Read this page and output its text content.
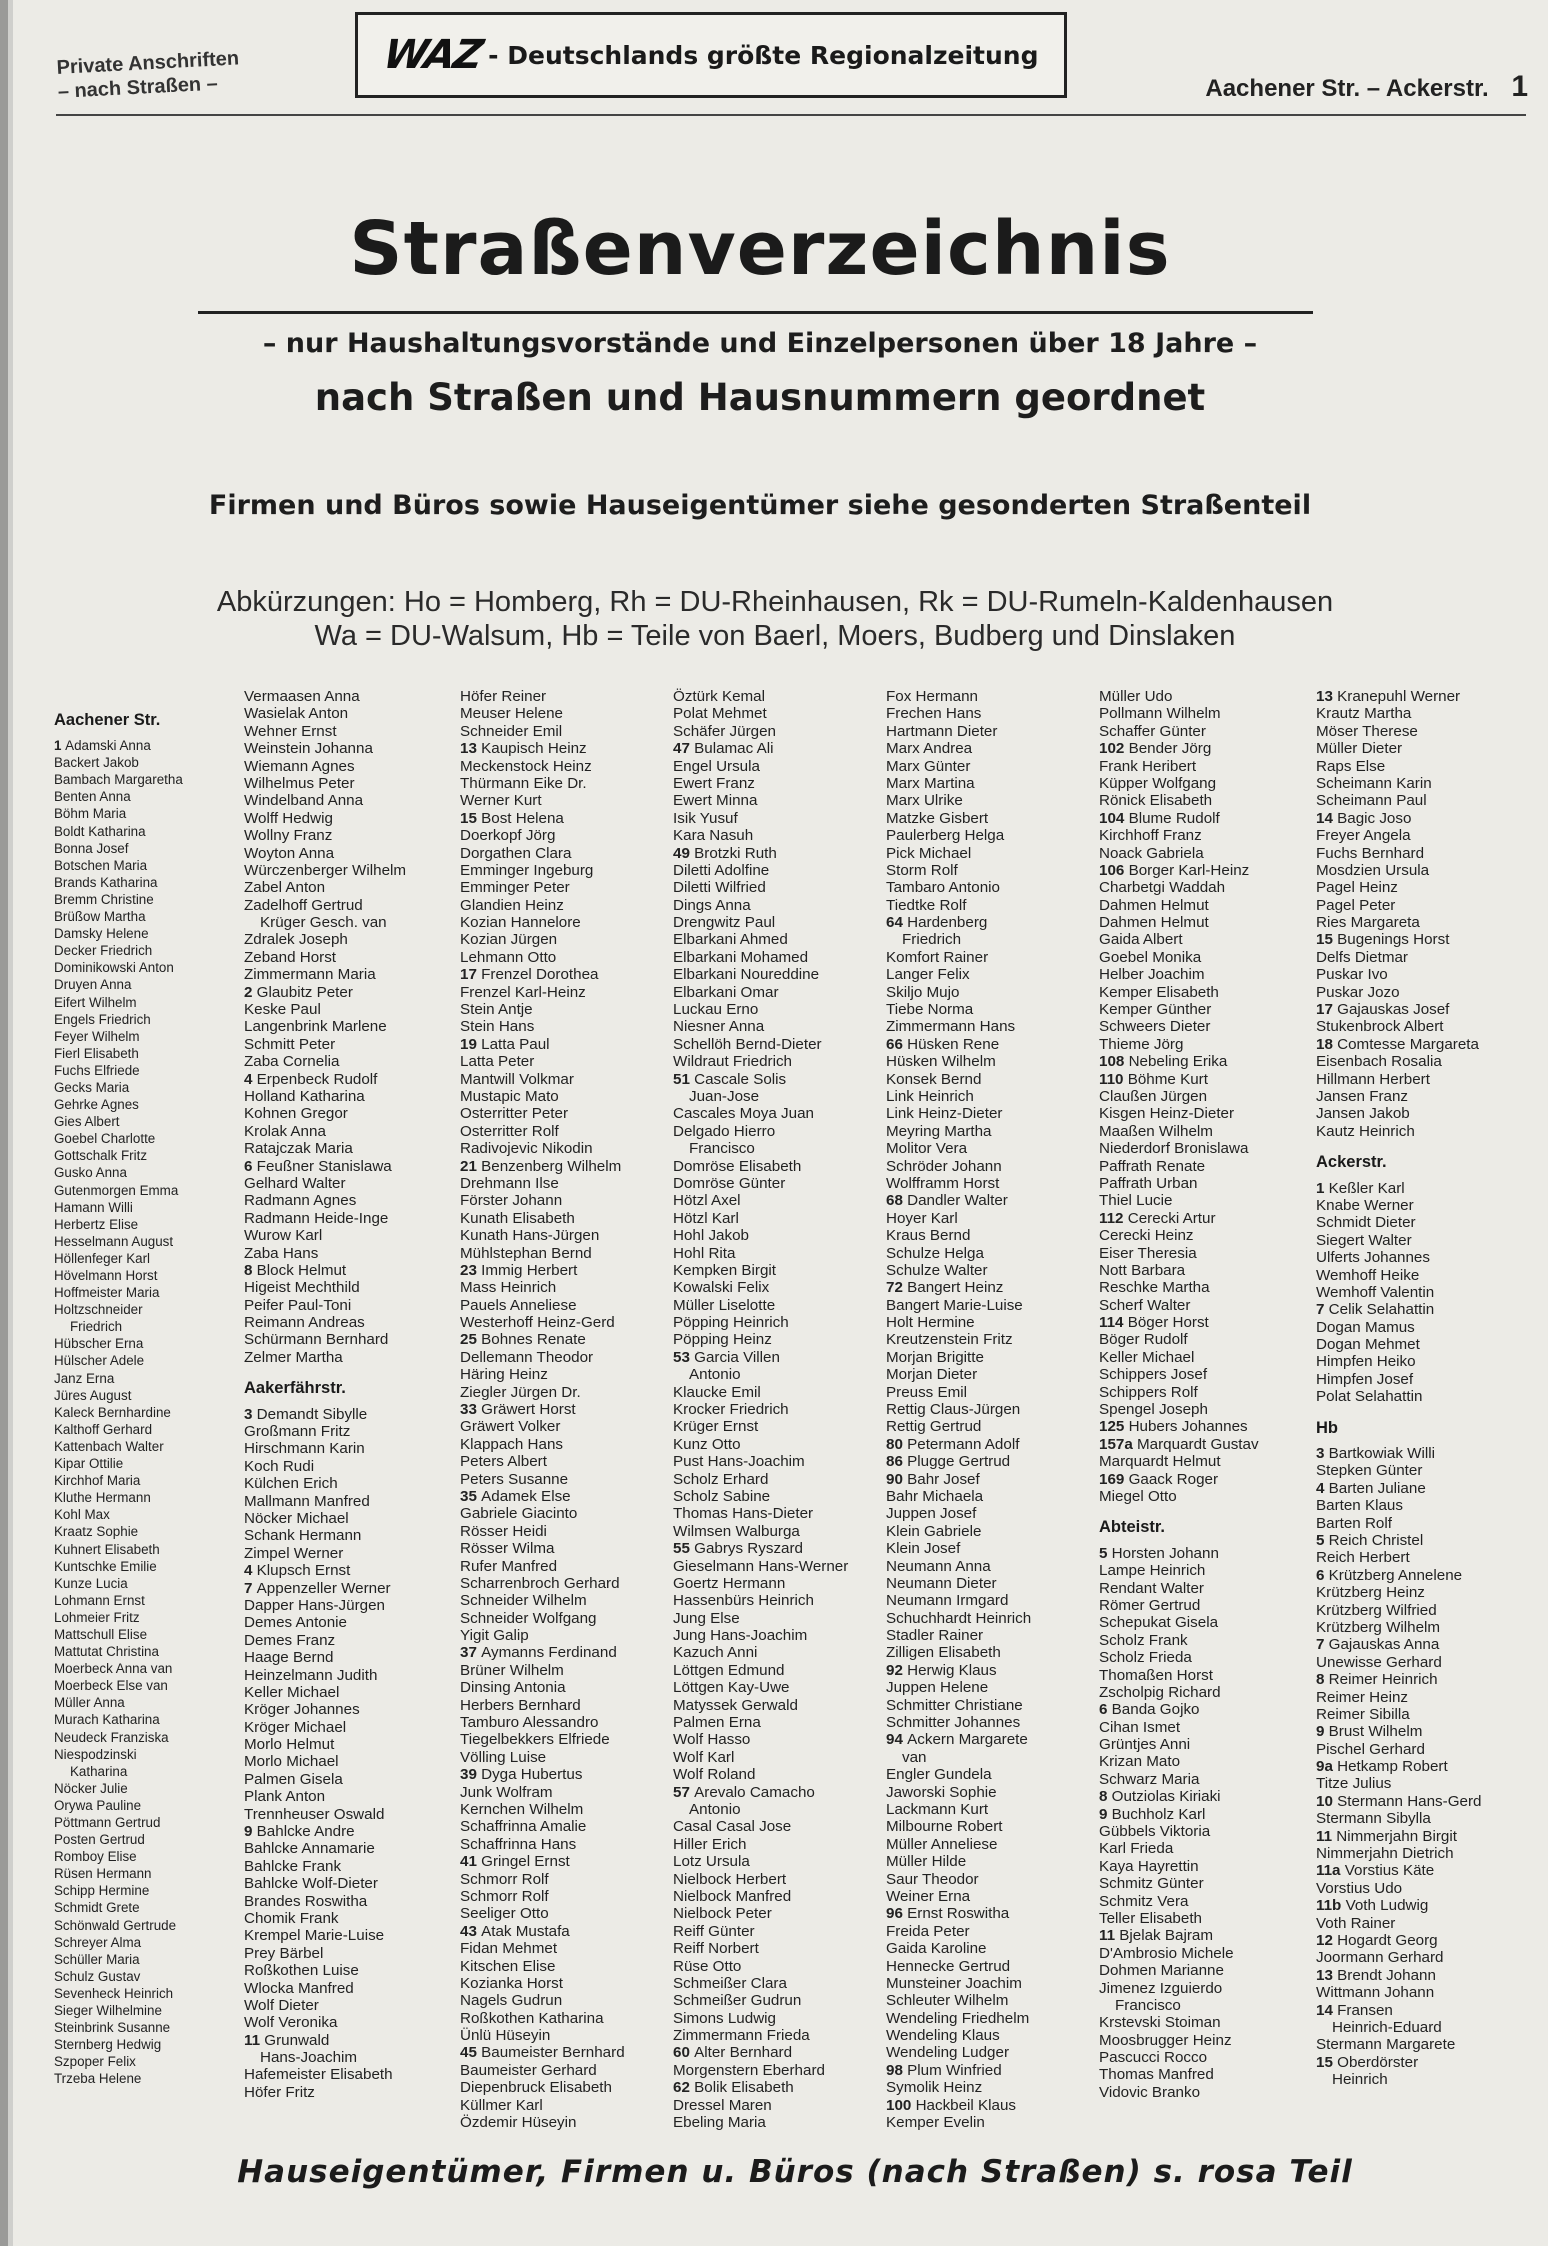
Private Anschriften
– nach Straßen –
WAZ - Deutschlands größte Regionalzeitung
Aachener Str. – Ackerstr. 1
Straßenverzeichnis
– nur Haushaltungsvorstände und Einzelpersonen über 18 Jahre –
nach Straßen und Hausnummern geordnet
Firmen und Büros sowie Hauseigentümer siehe gesonderten Straßenteil
Abkürzungen: Ho = Homberg, Rh = DU-Rheinhausen, Rk = DU-Rumeln-Kaldenhausen
Wa = DU-Walsum, Hb = Teile von Baerl, Moers, Budberg und Dinslaken
Aachener Str.
1 Adamski Anna
Backert Jakob
Bambach Margaretha
Benten Anna
Böhm Maria
Boldt Katharina
Bonna Josef
Botschen Maria
Brands Katharina
Bremm Christine
Brüßow Martha
Damsky Helene
Decker Friedrich
Dominikowski Anton
Druyen Anna
Eifert Wilhelm
Engels Friedrich
Feyer Wilhelm
Fierl Elisabeth
Fuchs Elfriede
Gecks Maria
Gehrke Agnes
Gies Albert
Goebel Charlotte
Gottschalk Fritz
Gusko Anna
Gutenmorgen Emma
Hamann Willi
Herbertz Elise
Hesselmann August
Höllenfeger Karl
Hövelmann Horst
Hoffmeister Maria
Holtzschneider
Friedrich
Hübscher Erna
Hülscher Adele
Janz Erna
Jüres August
Kaleck Bernhardine
Kalthoff Gerhard
Kattenbach Walter
Kipar Ottilie
Kirchhof Maria
Kluthe Hermann
Kohl Max
Kraatz Sophie
Kuhnert Elisabeth
Kuntschke Emilie
Kunze Lucia
Lohmann Ernst
Lohmeier Fritz
Mattschull Elise
Mattutat Christina
Moerbeck Anna van
Moerbeck Else van
Müller Anna
Murach Katharina
Neudeck Franziska
Niespodzinski
Katharina
Nöcker Julie
Orywa Pauline
Pöttmann Gertrud
Posten Gertrud
Romboy Elise
Rüsen Hermann
Schipp Hermine
Schmidt Grete
Schönwald Gertrude
Schreyer Alma
Schüller Maria
Schulz Gustav
Sevenheck Heinrich
Sieger Wilhelmine
Steinbrink Susanne
Sternberg Hedwig
Szpoper Felix
Trzeba Helene
Vermaasen Anna
Wasielak Anton
Wehner Ernst
Weinstein Johanna
Wiemann Agnes
Wilhelmus Peter
Windelband Anna
Wolff Hedwig
Wollny Franz
Woyton Anna
Würczenberger Wilhelm
Zabel Anton
Zadelhoff Gertrud
Krüger Gesch. van
Zdralek Joseph
Zeband Horst
Zimmermann Maria
2 Glaubitz Peter
Keske Paul
Langenbrink Marlene
Schmitt Peter
Zaba Cornelia
4 Erpenbeck Rudolf
Holland Katharina
Kohnen Gregor
Krolak Anna
Ratajczak Maria
6 Feußner Stanislawa
Gelhard Walter
Radmann Agnes
Radmann Heide-Inge
Wurow Karl
Zaba Hans
8 Block Helmut
Higeist Mechthild
Peifer Paul-Toni
Reimann Andreas
Schürmann Bernhard
Zelmer Martha
Aakerfährstr.
3 Demandt Sibylle
Großmann Fritz
Hirschmann Karin
Koch Rudi
Külchen Erich
Mallmann Manfred
Nöcker Michael
Schank Hermann
Zimpel Werner
4 Klupsch Ernst
7 Appenzeller Werner
Dapper Hans-Jürgen
Demes Antonie
Demes Franz
Haage Bernd
Heinzelmann Judith
Keller Michael
Kröger Johannes
Kröger Michael
Morlo Helmut
Morlo Michael
Palmen Gisela
Plank Anton
Trennheuser Oswald
9 Bahlcke Andre
Bahlcke Annamarie
Bahlcke Frank
Bahlcke Wolf-Dieter
Brandes Roswitha
Chomik Frank
Krempel Marie-Luise
Prey Bärbel
Roßkothen Luise
Wlocka Manfred
Wolf Dieter
Wolf Veronika
11 Grunwald
Hans-Joachim
Hafemeister Elisabeth
Höfer Fritz
Höfer Reiner
Meuser Helene
Schneider Emil
13 Kaupisch Heinz
Meckenstock Heinz
Thürmann Eike Dr.
Werner Kurt
15 Bost Helena
Doerkopf Jörg
Dorgathen Clara
Emminger Ingeburg
Emminger Peter
Glandien Heinz
Kozian Hannelore
Kozian Jürgen
Lehmann Otto
17 Frenzel Dorothea
Frenzel Karl-Heinz
Stein Antje
Stein Hans
19 Latta Paul
Latta Peter
Mantwill Volkmar
Mustapic Mato
Osterritter Peter
Osterritter Rolf
Radivojevic Nikodin
21 Benzenberg Wilhelm
Drehmann Ilse
Förster Johann
Kunath Elisabeth
Kunath Hans-Jürgen
Mühlstephan Bernd
23 Immig Herbert
Mass Heinrich
Pauels Anneliese
Westerhoff Heinz-Gerd
25 Bohnes Renate
Dellemann Theodor
Häring Heinz
Ziegler Jürgen Dr.
33 Gräwert Horst
Gräwert Volker
Klappach Hans
Peters Albert
Peters Susanne
35 Adamek Else
Gabriele Giacinto
Rösser Heidi
Rösser Wilma
Rufer Manfred
Scharrenbroch Gerhard
Schneider Wilhelm
Schneider Wolfgang
Yigit Galip
37 Aymanns Ferdinand
Brüner Wilhelm
Dinsing Antonia
Herbers Bernhard
Tamburo Alessandro
Tiegelbekkers Elfriede
Völling Luise
39 Dyga Hubertus
Junk Wolfram
Kernchen Wilhelm
Schaffrinna Amalie
Schaffrinna Hans
41 Gringel Ernst
Schmorr Rolf
Schmorr Rolf
Seeliger Otto
43 Atak Mustafa
Fidan Mehmet
Kitschen Elise
Kozianka Horst
Nagels Gudrun
Roßkothen Katharina
Ünlü Hüseyin
45 Baumeister Bernhard
Baumeister Gerhard
Diepenbruck Elisabeth
Küllmer Karl
Özdemir Hüseyin
Öztürk Kemal
Polat Mehmet
Schäfer Jürgen
47 Bulamac Ali
Engel Ursula
Ewert Franz
Ewert Minna
Isik Yusuf
Kara Nasuh
49 Brotzki Ruth
Diletti Adolfine
Diletti Wilfried
Dings Anna
Drengwitz Paul
Elbarkani Ahmed
Elbarkani Mohamed
Elbarkani Noureddine
Elbarkani Omar
Luckau Erno
Niesner Anna
Schellöh Bernd-Dieter
Wildraut Friedrich
51 Cascale Solis
Juan-Jose
Cascales Moya Juan
Delgado Hierro
Francisco
Domröse Elisabeth
Domröse Günter
Hötzl Axel
Hötzl Karl
Hohl Jakob
Hohl Rita
Kempken Birgit
Kowalski Felix
Müller Liselotte
Pöpping Heinrich
Pöpping Heinz
53 Garcia Villen
Antonio
Klaucke Emil
Krocker Friedrich
Krüger Ernst
Kunz Otto
Pust Hans-Joachim
Scholz Erhard
Scholz Sabine
Thomas Hans-Dieter
Wilmsen Walburga
55 Gabrys Ryszard
Gieselmann Hans-Werner
Goertz Hermann
Hassenbürs Heinrich
Jung Else
Jung Hans-Joachim
Kazuch Anni
Löttgen Edmund
Löttgen Kay-Uwe
Matyssek Gerwald
Palmen Erna
Wolf Hasso
Wolf Karl
Wolf Roland
57 Arevalo Camacho
Antonio
Casal Casal Jose
Hiller Erich
Lotz Ursula
Nielbock Herbert
Nielbock Manfred
Nielbock Peter
Reiff Günter
Reiff Norbert
Rüse Otto
Schmeißer Clara
Schmeißer Gudrun
Simons Ludwig
Zimmermann Frieda
60 Alter Bernhard
Morgenstern Eberhard
62 Bolik Elisabeth
Dressel Maren
Ebeling Maria
Fox Hermann
Frechen Hans
Hartmann Dieter
Marx Andrea
Marx Günter
Marx Martina
Marx Ulrike
Matzke Gisbert
Paulerberg Helga
Pick Michael
Storm Rolf
Tambaro Antonio
Tiedtke Rolf
64 Hardenberg
Friedrich
Komfort Rainer
Langer Felix
Skiljo Mujo
Tiebe Norma
Zimmermann Hans
66 Hüsken Rene
Hüsken Wilhelm
Konsek Bernd
Link Heinrich
Link Heinz-Dieter
Meyring Martha
Molitor Vera
Schröder Johann
Wolfframm Horst
68 Dandler Walter
Hoyer Karl
Kraus Bernd
Schulze Helga
Schulze Walter
72 Bangert Heinz
Bangert Marie-Luise
Holt Hermine
Kreutzenstein Fritz
Morjan Brigitte
Morjan Dieter
Preuss Emil
Rettig Claus-Jürgen
Rettig Gertrud
80 Petermann Adolf
86 Plugge Gertrud
90 Bahr Josef
Bahr Michaela
Juppen Josef
Klein Gabriele
Klein Josef
Neumann Anna
Neumann Dieter
Neumann Irmgard
Schuchhardt Heinrich
Stadler Rainer
Zilligen Elisabeth
92 Herwig Klaus
Juppen Helene
Schmitter Christiane
Schmitter Johannes
94 Ackern Margarete
van
Engler Gundela
Jaworski Sophie
Lackmann Kurt
Milbourne Robert
Müller Anneliese
Müller Hilde
Saur Theodor
Weiner Erna
96 Ernst Roswitha
Freida Peter
Gaida Karoline
Hennecke Gertrud
Munsteiner Joachim
Schleuter Wilhelm
Wendeling Friedhelm
Wendeling Klaus
Wendeling Ludger
98 Plum Winfried
Symolik Heinz
100 Hackbeil Klaus
Kemper Evelin
Müller Udo
Pollmann Wilhelm
Schaffer Günter
102 Bender Jörg
Frank Heribert
Küpper Wolfgang
Rönick Elisabeth
104 Blume Rudolf
Kirchhoff Franz
Noack Gabriela
106 Borger Karl-Heinz
Charbetgi Waddah
Dahmen Helmut
Dahmen Helmut
Gaida Albert
Goebel Monika
Helber Joachim
Kemper Elisabeth
Kemper Günther
Schweers Dieter
Thieme Jörg
108 Nebeling Erika
110 Böhme Kurt
Claußen Jürgen
Kisgen Heinz-Dieter
Maaßen Wilhelm
Niederdorf Bronislawa
Paffrath Renate
Paffrath Urban
Thiel Lucie
112 Cerecki Artur
Cerecki Heinz
Eiser Theresia
Nott Barbara
Reschke Martha
Scherf Walter
114 Böger Horst
Böger Rudolf
Keller Michael
Schippers Josef
Schippers Rolf
Spengel Joseph
125 Hubers Johannes
157a Marquardt Gustav
Marquardt Helmut
169 Gaack Roger
Miegel Otto
Abteistr.
5 Horsten Johann
Lampe Heinrich
Rendant Walter
Römer Gertrud
Schepukat Gisela
Scholz Frank
Scholz Frieda
Thomaßen Horst
Zscholpig Richard
6 Banda Gojko
Cihan Ismet
Grüntjes Anni
Krizan Mato
Schwarz Maria
8 Outziolas Kiriaki
9 Buchholz Karl
Gübbels Viktoria
Karl Frieda
Kaya Hayrettin
Schmitz Günter
Schmitz Vera
Teller Elisabeth
11 Bjelak Bajram
D'Ambrosio Michele
Dohmen Marianne
Jimenez Izguierdo
Francisco
Krstevski Stoiman
Moosbrugger Heinz
Pascucci Rocco
Thomas Manfred
Vidovic Branko
13 Kranepuhl Werner
Krautz Martha
Möser Therese
Müller Dieter
Raps Else
Scheimann Karin
Scheimann Paul
14 Bagic Joso
Freyer Angela
Fuchs Bernhard
Mosdzien Ursula
Pagel Heinz
Pagel Peter
Ries Margareta
15 Bugenings Horst
Delfs Dietmar
Puskar Ivo
Puskar Jozo
17 Gajauskas Josef
Stukenbrock Albert
18 Comtesse Margareta
Eisenbach Rosalia
Hillmann Herbert
Jansen Franz
Jansen Jakob
Kautz Heinrich
Ackerstr.
1 Keßler Karl
Knabe Werner
Schmidt Dieter
Siegert Walter
Ulferts Johannes
Wemhoff Heike
Wemhoff Valentin
7 Celik Selahattin
Dogan Mamus
Dogan Mehmet
Himpfen Heiko
Himpfen Josef
Polat Selahattin
Hb
3 Bartkowiak Willi
Stepken Günter
4 Barten Juliane
Barten Klaus
Barten Rolf
5 Reich Christel
Reich Herbert
6 Krützberg Annelene
Krützberg Heinz
Krützberg Wilfried
Krützberg Wilhelm
7 Gajauskas Anna
Unewisse Gerhard
8 Reimer Heinrich
Reimer Heinz
Reimer Sibilla
9 Brust Wilhelm
Pischel Gerhard
9a Hetkamp Robert
Titze Julius
10 Stermann Hans-Gerd
Stermann Sibylla
11 Nimmerjahn Birgit
Nimmerjahn Dietrich
11a Vorstius Käte
Vorstius Udo
11b Voth Ludwig
Voth Rainer
12 Hogardt Georg
Joormann Gerhard
13 Brendt Johann
Wittmann Johann
14 Fransen
Heinrich-Eduard
Stermann Margarete
15 Oberdörster
Heinrich
Hauseigentümer, Firmen u. Büros (nach Straßen) s. rosa Teil
